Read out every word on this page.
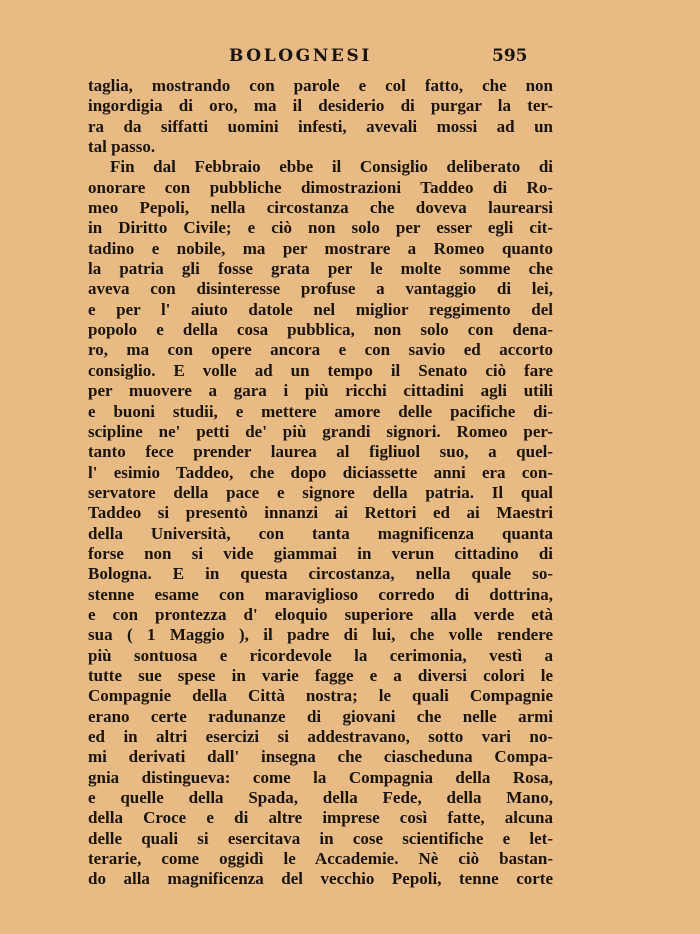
BOLOGNESI	595
taglia, mostrando con parole e col fatto, che non
ingordigia di oro, ma il desiderio di purgar la ter-
ra da siffatti uomini infesti, avevali mossi ad un
tal passo.
Fin dal Febbraio ebbe il Consiglio deliberato di
onorare con pubbliche dimostrazioni Taddeo di Ro-
meo Pepoli, nella circostanza che doveva laurearsi
in Diritto Civile; e ciò non solo per esser egli cit-
tadino e nobile, ma per mostrare a Romeo quanto
la patria gli fosse grata per le molte somme che
aveva con disinteresse profuse a vantaggio di lei,
e per l' aiuto datole nel miglior reggimento del
popolo e della cosa pubblica, non solo con dena-
ro, ma con opere ancora e con savio ed accorto
consiglio. E volle ad un tempo il Senato ciò fare
per muovere a gara i più ricchi cittadini agli utili
e buoni studii, e mettere amore delle pacifiche di-
scipline ne' petti de' più grandi signori. Romeo per-
tanto fece prender laurea al figliuol suo, a quel-
l' esimio Taddeo, che dopo diciassette anni era con-
servatore della pace e signore della patria. Il qual
Taddeo si presentò innanzi ai Rettori ed ai Maestri
della Università, con tanta magnificenza quanta
forse non si vide giammai in verun cittadino di
Bologna. E in questa circostanza, nella quale so-
stenne esame con maraviglioso corredo di dottrina,
e con prontezza d' eloquio superiore alla verde età
sua ( 1 Maggio ), il padre di lui, che volle rendere
più sontuosa e ricordevole la cerimonia, vestì a
tutte sue spese in varie fagge e a diversi colori le
Compagnie della Città nostra; le quali Compagnie
erano certe radunanze di giovani che nelle armi
ed in altri esercizi si addestravano, sotto vari no-
mi derivati dall' insegna che ciascheduna Compa-
gnia distingueva: come la Compagnia della Rosa,
e quelle della Spada, della Fede, della Mano,
della Croce e di altre imprese così fatte, alcuna
delle quali si esercitava in cose scientifiche e let-
terarie, come oggidì le Accademie. Nè ciò bastan-
do alla magnificenza del vecchio Pepoli, tenne corte
